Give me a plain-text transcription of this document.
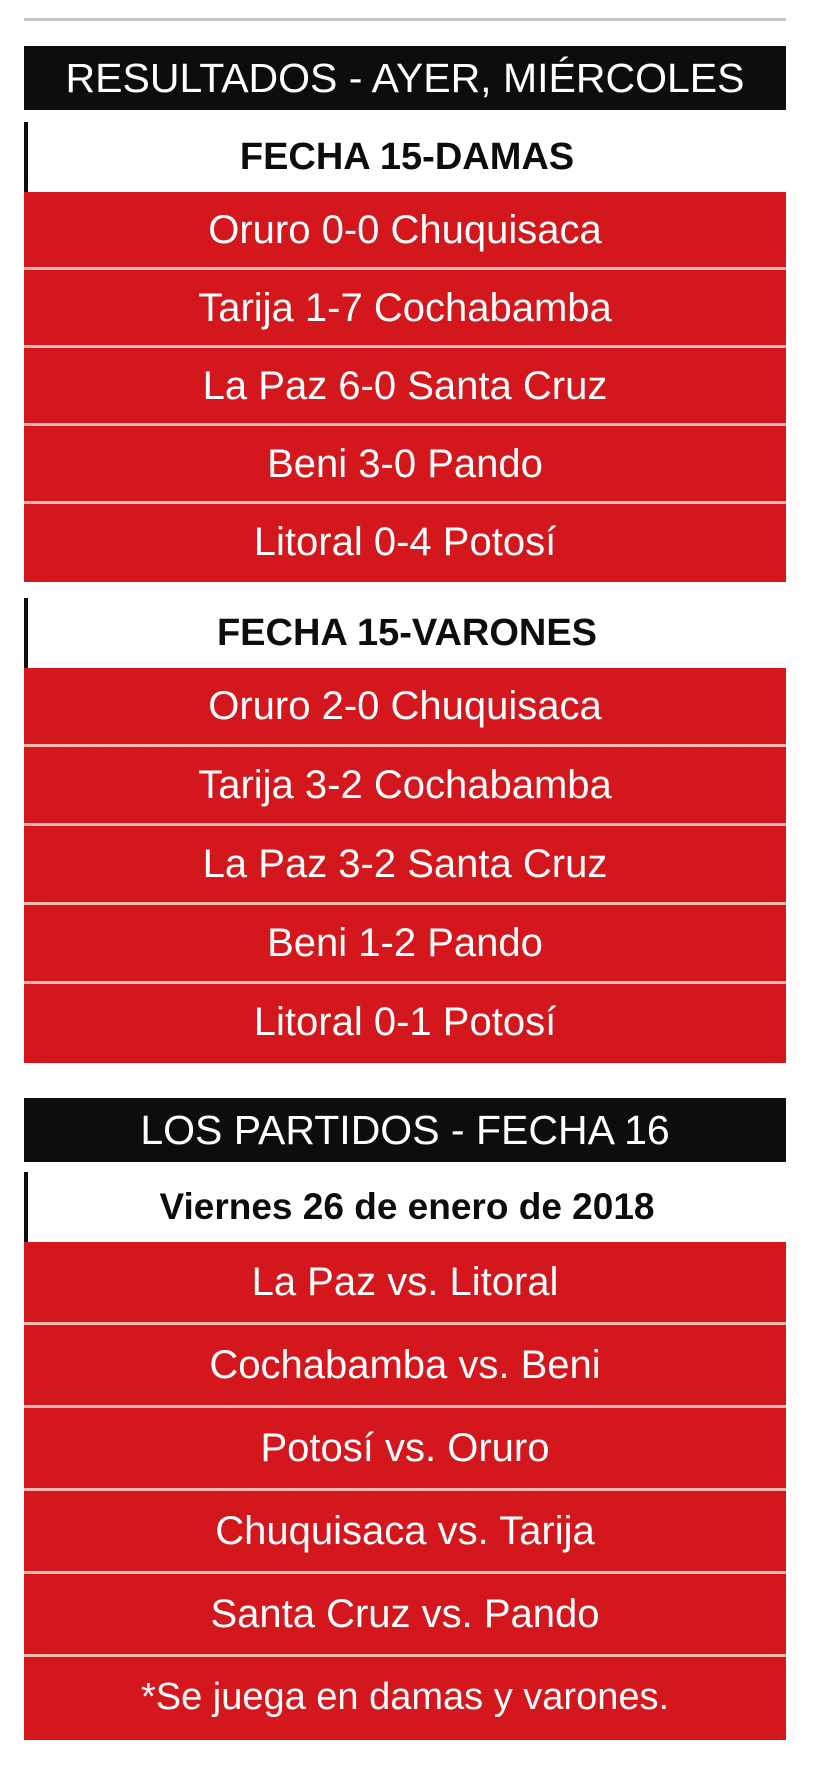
RESULTADOS - AYER, MIÉRCOLES
FECHA 15-DAMAS
Oruro 0-0 Chuquisaca
Tarija 1-7 Cochabamba
La Paz 6-0 Santa Cruz
Beni 3-0 Pando
Litoral 0-4 Potosí
FECHA 15-VARONES
Oruro 2-0 Chuquisaca
Tarija 3-2 Cochabamba
La Paz 3-2 Santa Cruz
Beni 1-2 Pando
Litoral 0-1 Potosí
LOS PARTIDOS - FECHA 16
Viernes 26 de enero de 2018
La Paz vs. Litoral
Cochabamba vs. Beni
Potosí vs. Oruro
Chuquisaca vs. Tarija
Santa Cruz vs. Pando
*Se juega en damas y varones.
